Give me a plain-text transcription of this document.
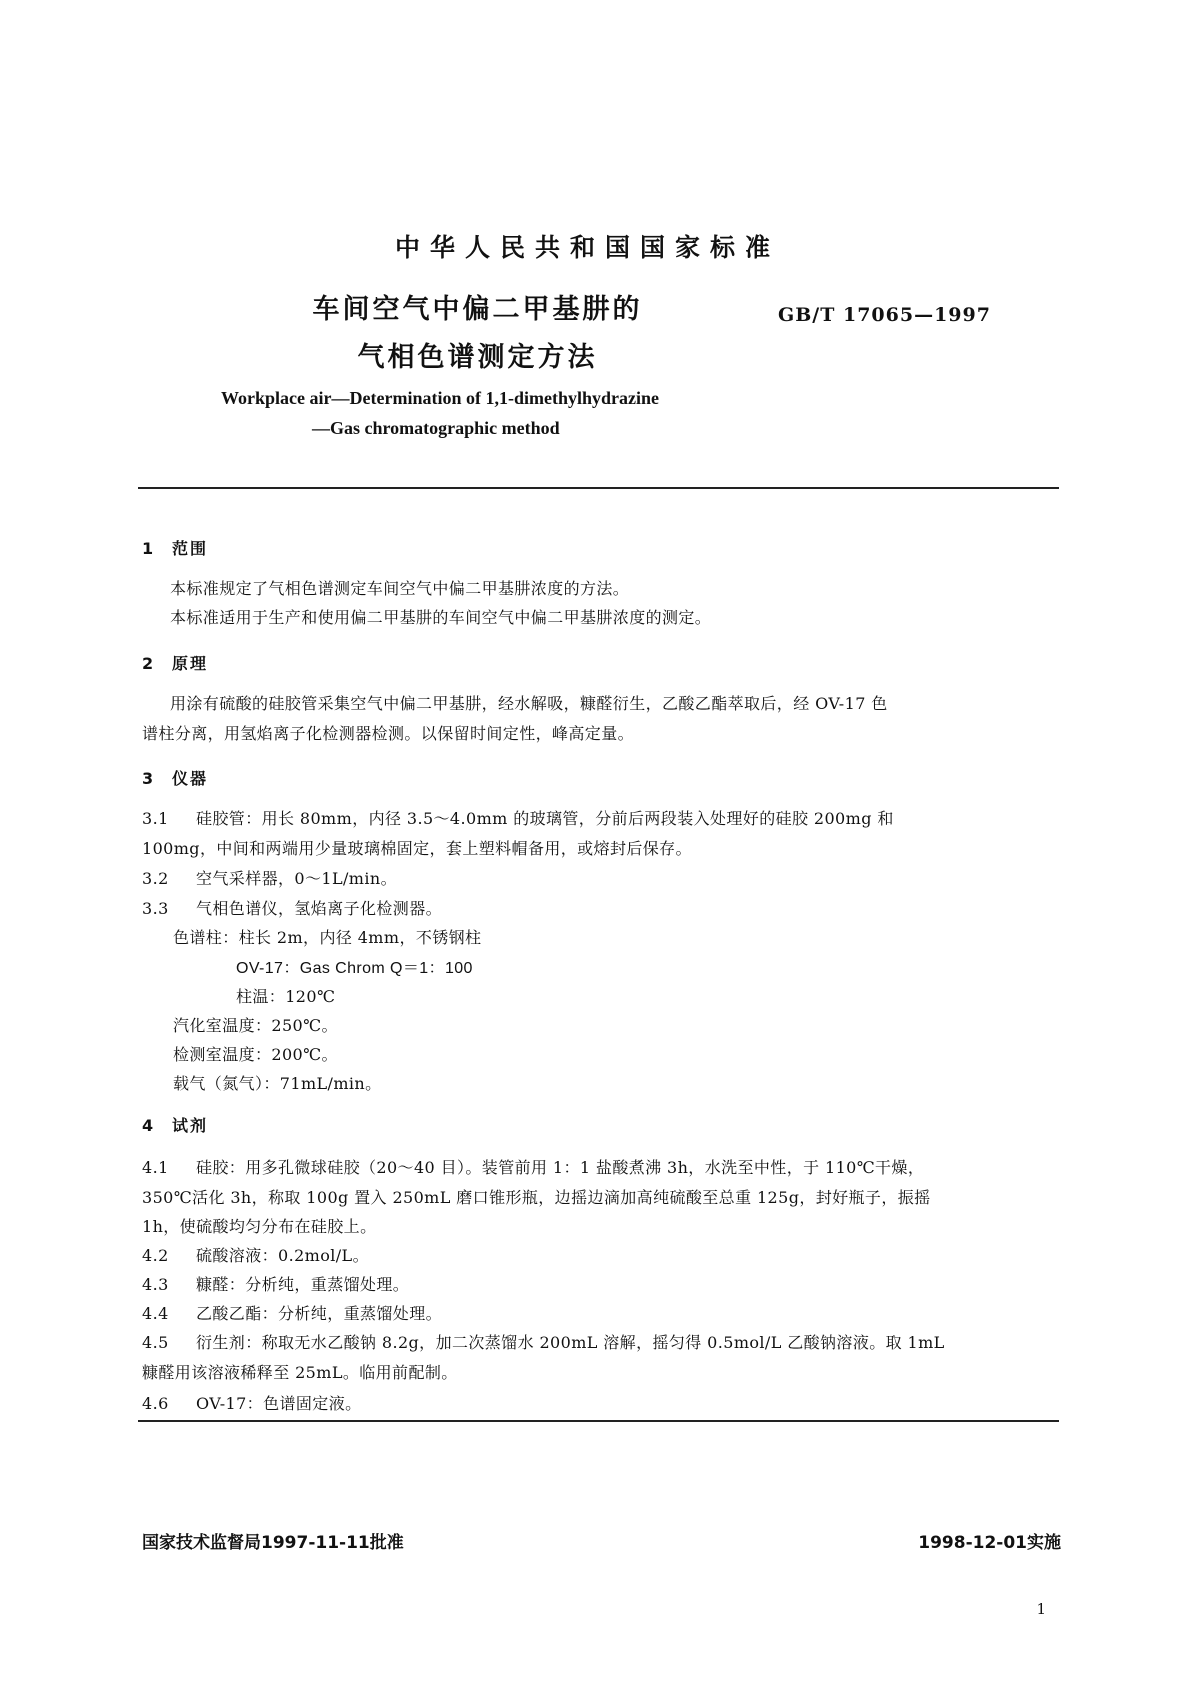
中华人民共和国国家标准
GB/T 17065—1997
车间空气中偏二甲基肼的
气相色谱测定方法
Workplace air—Determination of 1,1-dimethylhydrazine
—Gas chromatographic method
1 范围
本标准规定了气相色谱测定车间空气中偏二甲基肼浓度的方法。
本标准适用于生产和使用偏二甲基肼的车间空气中偏二甲基肼浓度的测定。
2 原理
用涂有硫酸的硅胶管采集空气中偏二甲基肼，经水解吸，糠醛衍生，乙酸乙酯萃取后，经 OV-17 色
谱柱分离，用氢焰离子化检测器检测。以保留时间定性，峰高定量。
3 仪器
3.1 硅胶管：用长 80mm，内径 3.5～4.0mm 的玻璃管，分前后两段装入处理好的硅胶 200mg 和
100mg，中间和两端用少量玻璃棉固定，套上塑料帽备用，或熔封后保存。
3.2 空气采样器，0～1L/min。
3.3 气相色谱仪，氢焰离子化检测器。
色谱柱：柱长 2m，内径 4mm，不锈钢柱
OV-17：Gas Chrom Q＝1：100
柱温：120℃
汽化室温度：250℃。
检测室温度：200℃。
载气（氮气）：71mL/min。
4 试剂
4.1 硅胶：用多孔微球硅胶（20～40 目）。装管前用 1：1 盐酸煮沸 3h，水洗至中性，于 110℃干燥，
350℃活化 3h，称取 100g 置入 250mL 磨口锥形瓶，边摇边滴加高纯硫酸至总重 125g，封好瓶子，振摇
1h，使硫酸均匀分布在硅胶上。
4.2 硫酸溶液：0.2mol/L。
4.3 糠醛：分析纯，重蒸馏处理。
4.4 乙酸乙酯：分析纯，重蒸馏处理。
4.5 衍生剂：称取无水乙酸钠 8.2g，加二次蒸馏水 200mL 溶解，摇匀得 0.5mol/L 乙酸钠溶液。取 1mL
糠醛用该溶液稀释至 25mL。临用前配制。
4.6 OV-17：色谱固定液。
国家技术监督局1997-11-11批准	1998-12-01实施
1
